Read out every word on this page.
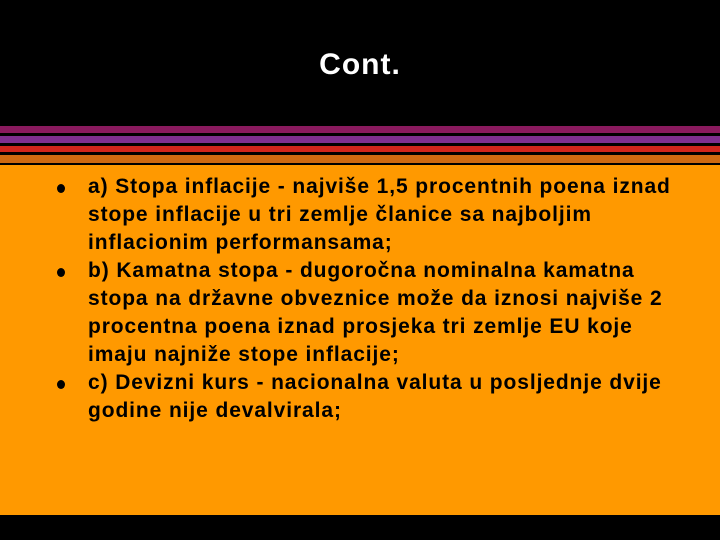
Cont.
a) Stopa inflacije - najviše 1,5 procentnih poena iznad stope inflacije u tri zemlje članice sa najboljim inflacionim performansama;
b) Kamatna stopa - dugoročna nominalna kamatna stopa na državne obveznice može da iznosi najviše 2 procentna poena iznad prosjeka tri zemlje EU koje imaju najniže stope inflacije;
c) Devizni kurs - nacionalna valuta u posljednje dvije godine nije devalvirala;
